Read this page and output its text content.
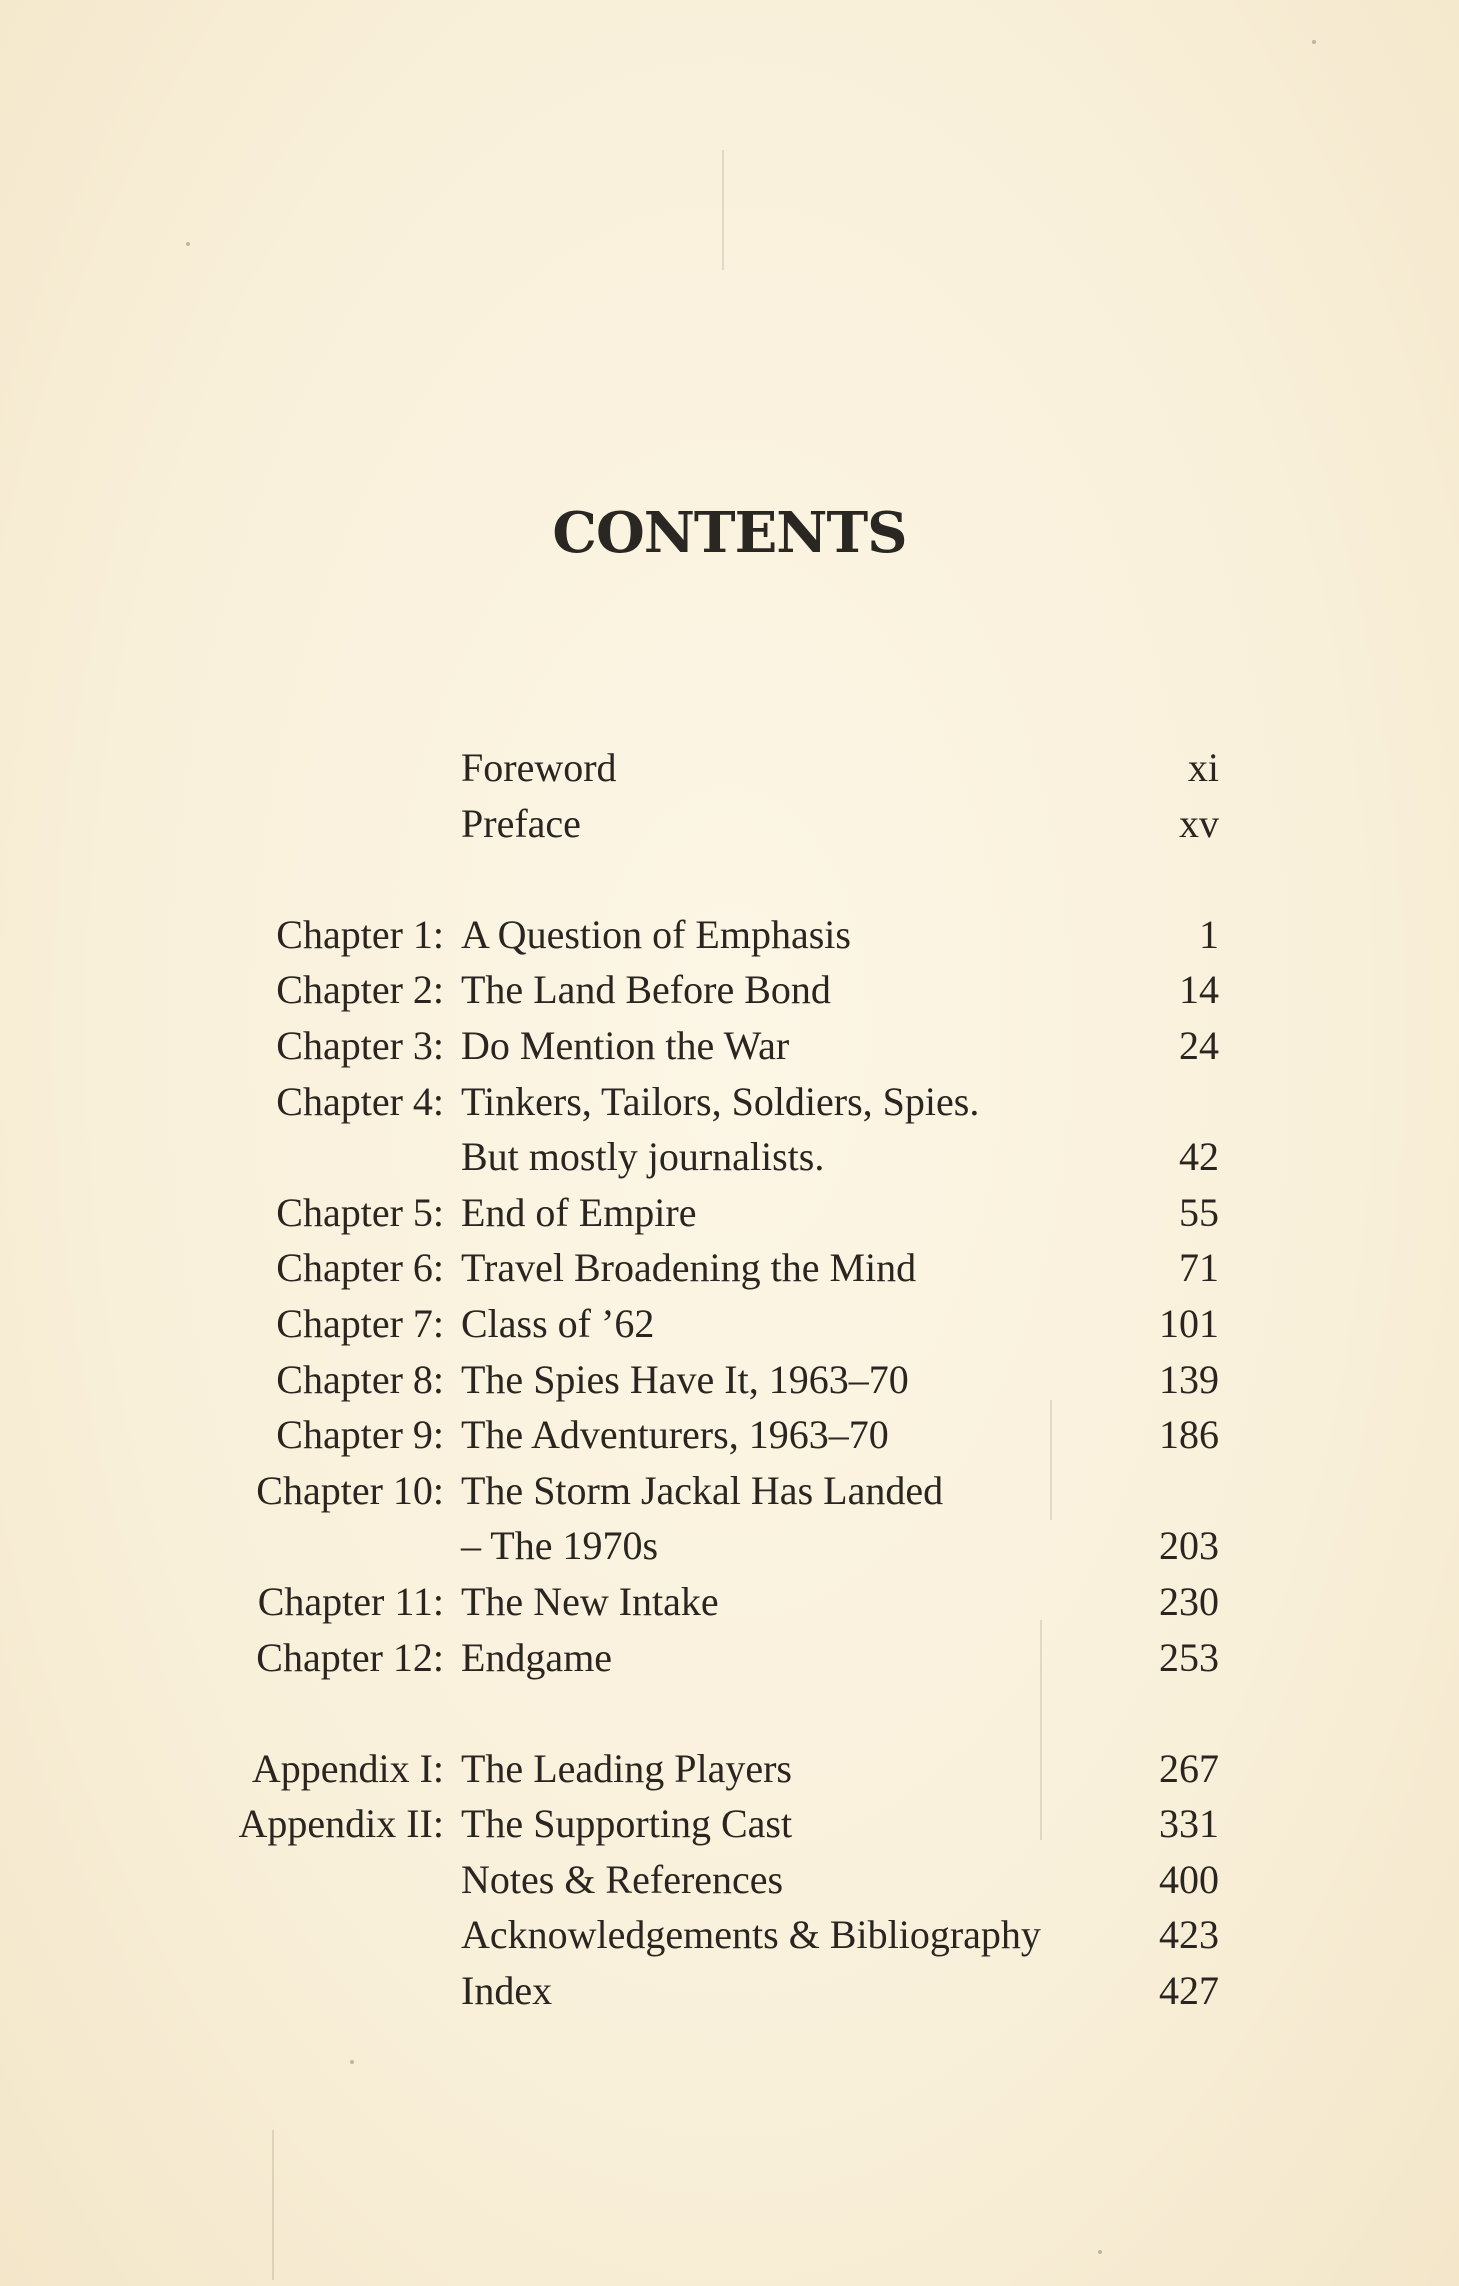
CONTENTS
Foreword	xi
Preface	xv
Chapter 1: A Question of Emphasis	1
Chapter 2: The Land Before Bond	14
Chapter 3: Do Mention the War	24
Chapter 4: Tinkers, Tailors, Soldiers, Spies.
But mostly journalists.	42
Chapter 5: End of Empire	55
Chapter 6: Travel Broadening the Mind	71
Chapter 7: Class of ’62	101
Chapter 8: The Spies Have It, 1963–70	139
Chapter 9: The Adventurers, 1963–70	186
Chapter 10: The Storm Jackal Has Landed
– The 1970s	203
Chapter 11: The New Intake	230
Chapter 12: Endgame	253
Appendix I: The Leading Players	267
Appendix II: The Supporting Cast	331
Notes & References	400
Acknowledgements & Bibliography	423
Index	427
